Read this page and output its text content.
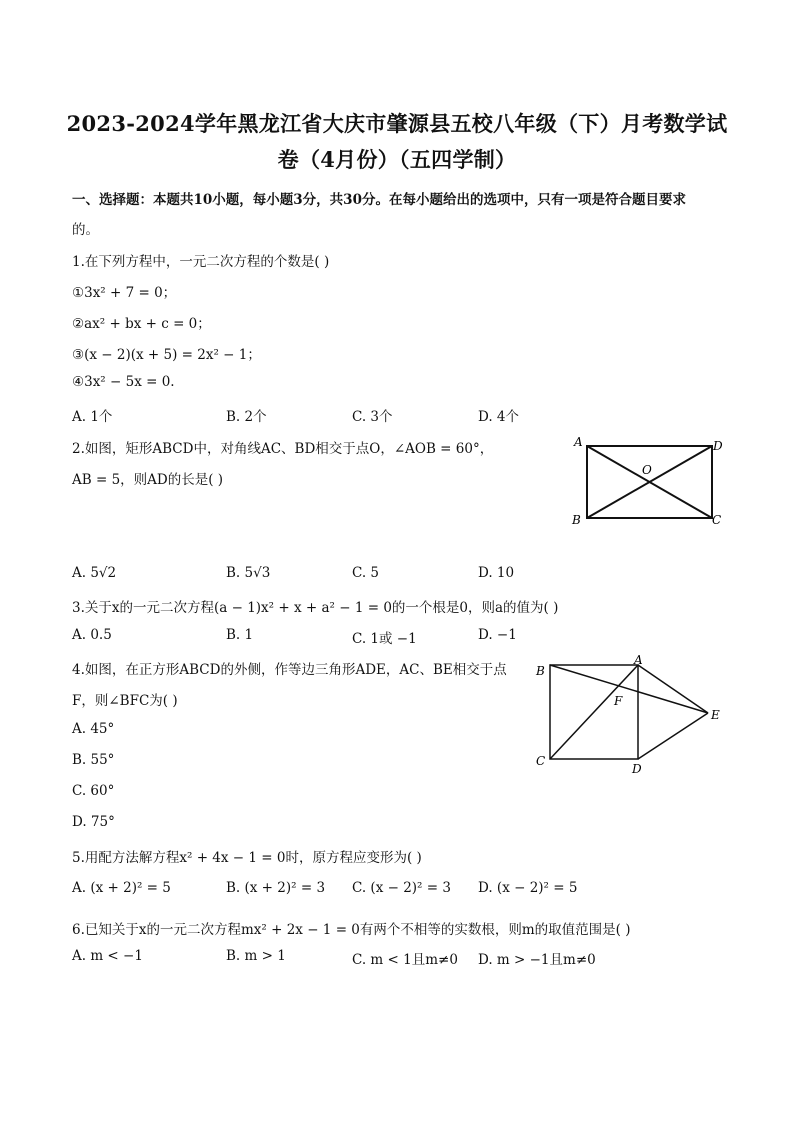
2023-2024学年黑龙江省大庆市肇源县五校八年级（下）月考数学试
卷（4月份）（五四学制）
一、选择题：本题共10小题，每小题3分，共30分。在每小题给出的选项中，只有一项是符合题目要求
的。
1.在下列方程中，一元二次方程的个数是( )
①3x² + 7 = 0；
②ax² + bx + c = 0；
③(x − 2)(x + 5) = 2x² − 1；
④3x² − 5x = 0.
A. 1个	B. 2个	C. 3个	D. 4个
2.如图，矩形ABCD中，对角线AC、BD相交于点O，∠AOB = 60°，
AB = 5，则AD的长是( )
A	D
O
B	C
A. 5√2	B. 5√3	C. 5	D. 10
3.关于x的一元二次方程(a − 1)x² + x + a² − 1 = 0的一个根是0，则a的值为( )
A. 0.5	B. 1	C. 1或 −1	D. −1
4.如图，在正方形ABCD的外侧，作等边三角形ADE，AC、BE相交于点
F，则∠BFC为( )
B
A
F
E
C
D
A. 45°
B. 55°
C. 60°
D. 75°
5.用配方法解方程x² + 4x − 1 = 0时，原方程应变形为( )
A. (x + 2)² = 5	B. (x + 2)² = 3 C. (x − 2)² = 3 D. (x − 2)² = 5
6.已知关于x的一元二次方程mx² + 2x − 1 = 0有两个不相等的实数根，则m的取值范围是( )
A. m < −1	B. m > 1	C. m < 1且m≠0 D. m > −1且m≠0
